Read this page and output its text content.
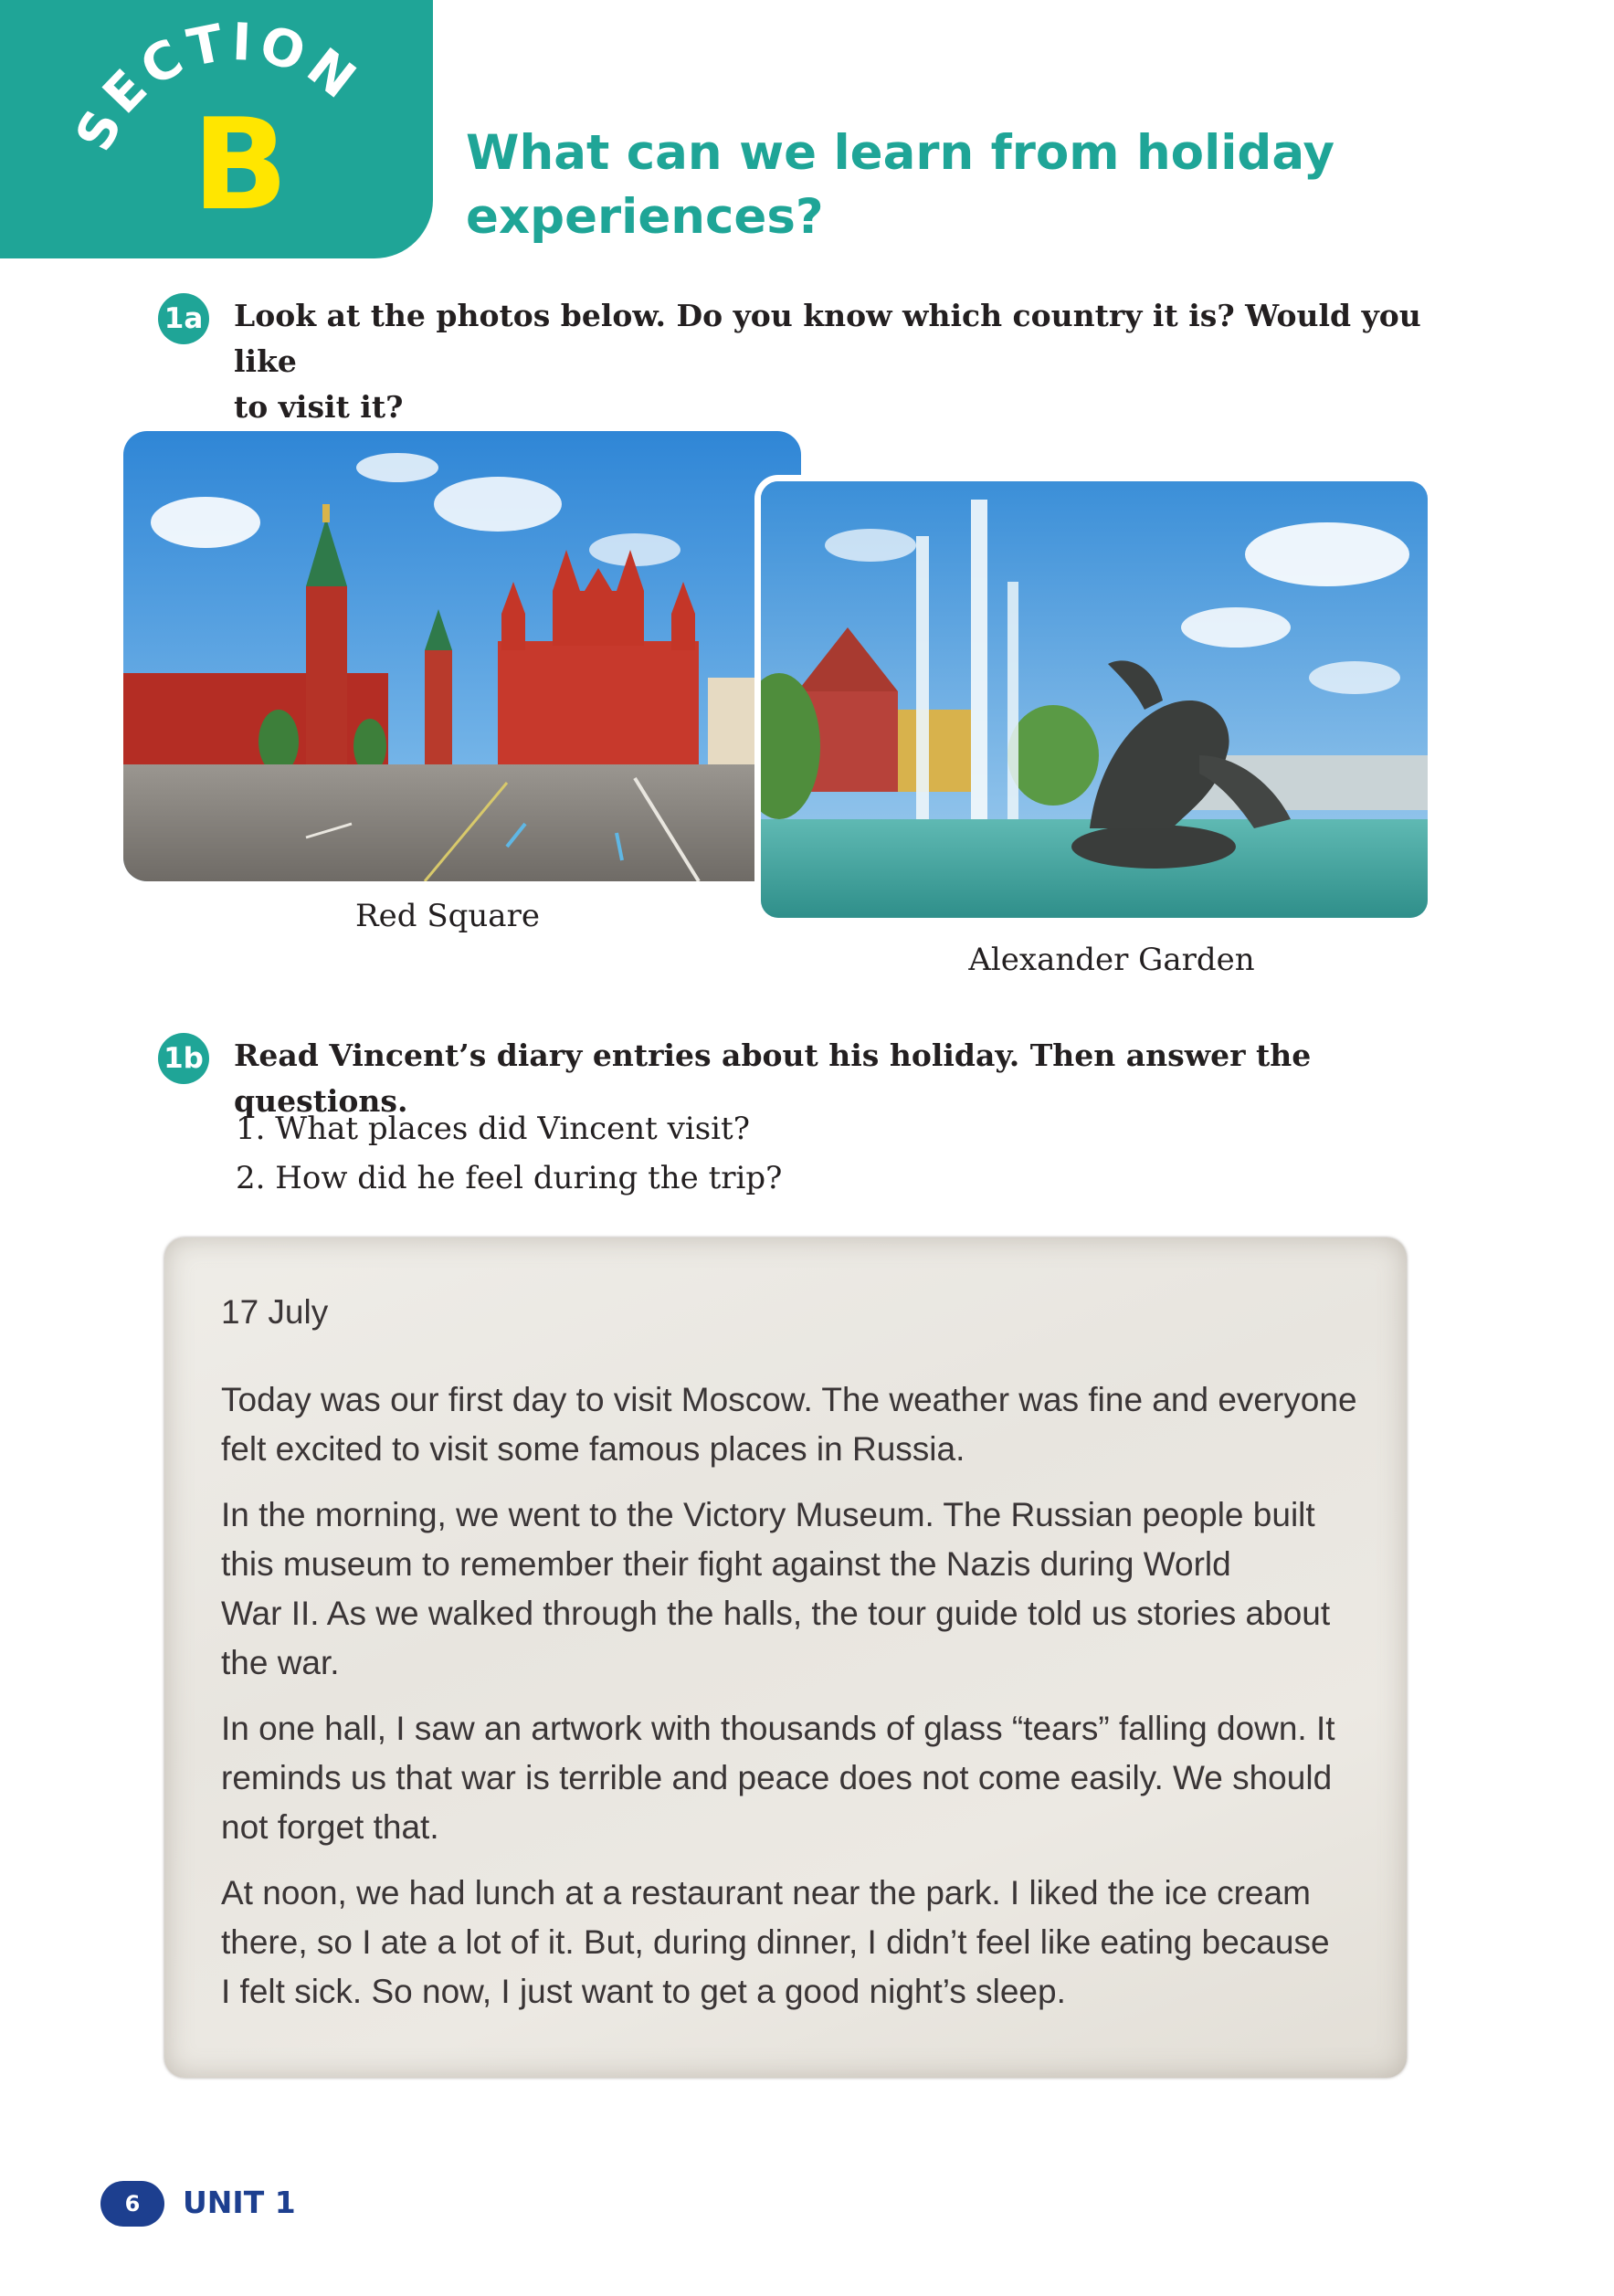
SECTION
B	What can we learn from holiday
experiences?
1a Look at the photos below. Do you know which country it is? Would you like
to visit it?
Red Square
Alexander Garden
1b Read Vincent’s diary entries about his holiday. Then answer the questions.
1. What places did Vincent visit?
2. How did he feel during the trip?
17 July

Today was our first day to visit Moscow. The weather was fine and everyone
felt excited to visit some famous places in Russia.

In the morning, we went to the Victory Museum. The Russian people built
this museum to remember their fight against the Nazis during World
War II. As we walked through the halls, the tour guide told us stories about
the war.

In one hall, I saw an artwork with thousands of glass “tears” falling down. It
reminds us that war is terrible and peace does not come easily. We should
not forget that.

At noon, we had lunch at a restaurant near the park. I liked the ice cream
there, so I ate a lot of it. But, during dinner, I didn’t feel like eating because
I felt sick. So now, I just want to get a good night’s sleep.

6	UNIT 1
